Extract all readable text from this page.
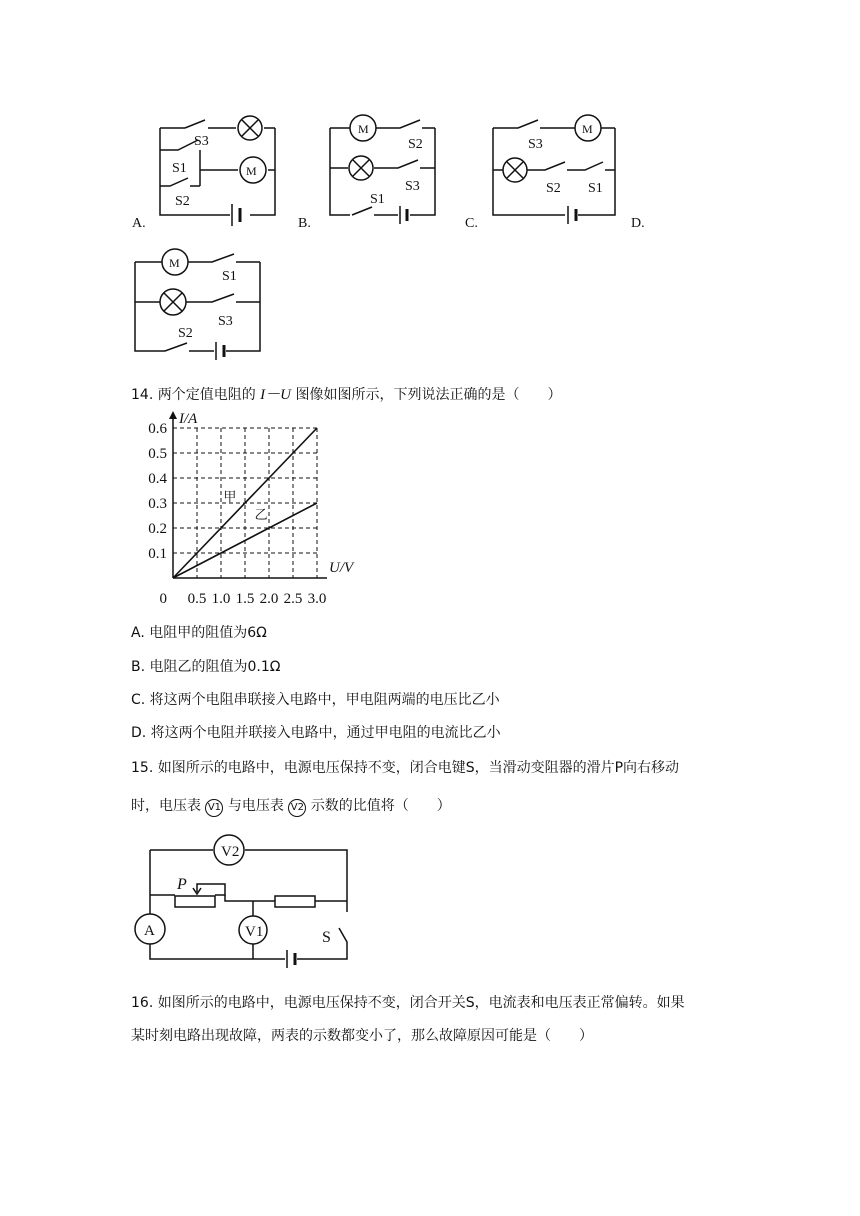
S3
S1
S2
M
M
S2
S3
S1
S3
M
S2 S1
M
S1
S3
S2
A.	B.	C.	D.
14. 两个定值电阻的 I－U 图像如图所示，下列说法正确的是（　　）
0.5 1.0 1.5 2.0 2.5 3.0
0.1
0.2
0.3
0.4
0.5
0.6
0
I/A
U/V
甲
乙
A. 电阻甲的阻值为6Ω
B. 电阻乙的阻值为0.1Ω
C. 将这两个电阻串联接入电路中，甲电阻两端的电压比乙小
D. 将这两个电阻并联接入电路中，通过甲电阻的电流比乙小
15. 如图所示的电路中，电源电压保持不变，闭合电键S，当滑动变阻器的滑片P向右移动
时，电压表 V1 与电压表 V2 示数的比值将（　　）
V2
A	V1
P
S
16. 如图所示的电路中，电源电压保持不变，闭合开关S，电流表和电压表正常偏转。如果
某时刻电路出现故障，两表的示数都变小了，那么故障原因可能是（　　）
